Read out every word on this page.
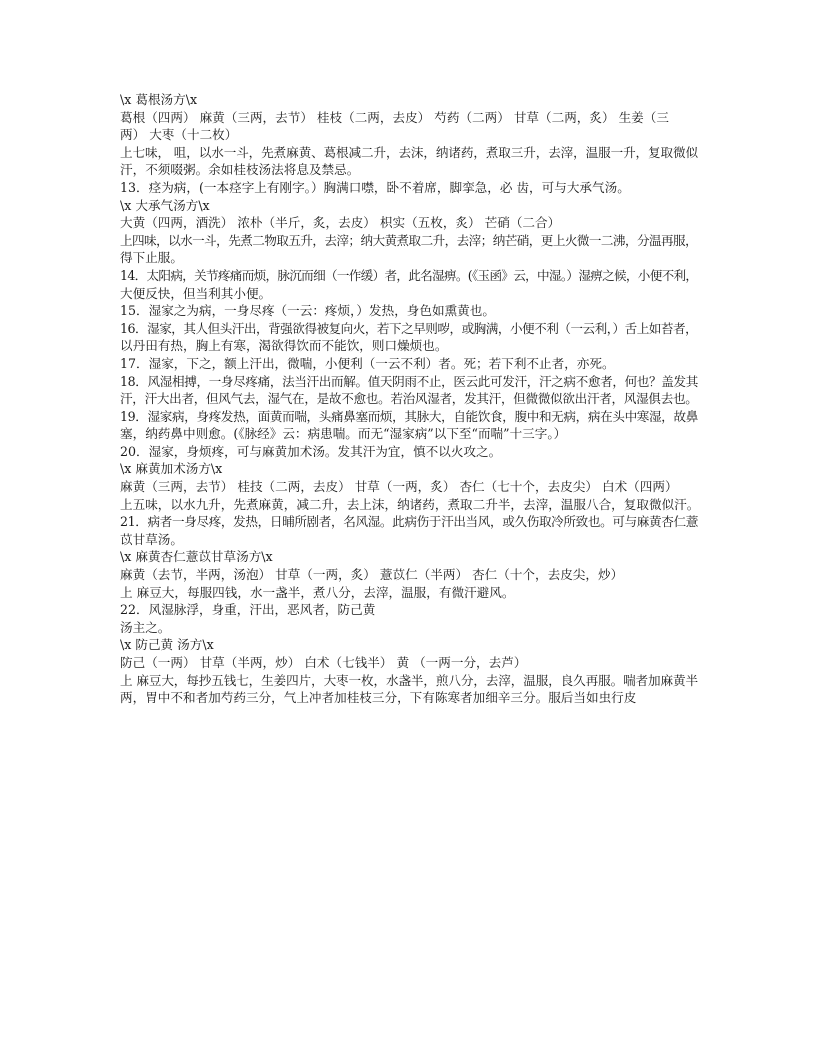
\x 葛根汤方\x
葛根（四两） 麻黄（三两，去节） 桂枝（二两，去皮） 芍药（二两） 甘草（二两，炙） 生姜（三
两） 大枣（十二枚）
上七味， 咀，以水一斗，先煮麻黄、葛根减二升，去沫，纳诸药，煮取三升，去滓，温服一升，复取微似
汗，不须啜粥。余如桂枝汤法将息及禁忌。
13．痉为病，(一本痉字上有刚字。）胸满口噤，卧不着席，脚挛急，必 齿，可与大承气汤。
\x 大承气汤方\x
大黄（四两，酒洗） 浓朴（半斤，炙，去皮） 枳实（五枚，炙） 芒硝（二合）
上四味，以水一斗，先煮二物取五升，去滓；纳大黄煮取二升，去滓；纳芒硝，更上火微一二沸，分温再服，
得下止服。
14．太阳病，关节疼痛而烦，脉沉而细（一作缓）者，此名湿痹。(《玉函》云，中湿。）湿痹之候，小便不利，
大便反快，但当利其小便。
15．湿家之为病，一身尽疼（一云：疼烦，）发热，身色如熏黄也。
16．湿家，其人但头汗出，背强欲得被复向火，若下之早则哕，或胸满，小便不利（一云利，）舌上如苔者，
以丹田有热，胸上有寒，渴欲得饮而不能饮，则口燥烦也。
17．湿家，下之，额上汗出，微喘，小便利（一云不利）者。死；若下利不止者，亦死。
18．风湿相搏，一身尽疼痛，法当汗出而解。值天阴雨不止，医云此可发汗，汗之病不愈者，何也？盖发其
汗，汗大出者，但风气去，湿气在，是故不愈也。若治风湿者，发其汗，但微微似欲出汗者，风湿俱去也。
19．湿家病，身疼发热，面黄而喘，头痛鼻塞而烦，其脉大，自能饮食，腹中和无病，病在头中寒湿，故鼻
塞，纳药鼻中则愈。(《脉经》云：病患喘。而无“湿家病”以下至“而喘”十三字。）
20．湿家，身烦疼，可与麻黄加术汤。发其汗为宜，慎不以火攻之。
\x 麻黄加术汤方\x
麻黄（三两，去节） 桂技（二两，去皮） 甘草（一两，炙） 杏仁（七十个，去皮尖） 白术（四两）
上五味，以水九升，先煮麻黄，减二升，去上沫，纳诸药，煮取二升半，去滓，温服八合，复取微似汗。
21．病者一身尽疼，发热，日晡所剧者，名风湿。此病伤于汗出当风，或久伤取冷所致也。可与麻黄杏仁薏
苡甘草汤。
\x 麻黄杏仁薏苡甘草汤方\x
麻黄（去节，半两，汤泡） 甘草（一两，炙） 薏苡仁（半两） 杏仁（十个，去皮尖，炒）
上 麻豆大，每服四钱，水一盏半，煮八分，去滓，温服，有微汗避风。
22．风湿脉浮，身重，汗出，恶风者，防己黄
汤主之。
\x 防己黄 汤方\x
防己（一两） 甘草（半两，炒） 白术（七钱半） 黄 （一两一分，去芦）
上 麻豆大，每抄五钱七，生姜四片，大枣一枚，水盏半，煎八分，去滓，温服，良久再服。喘者加麻黄半
两，胃中不和者加芍药三分，气上冲者加桂枝三分，下有陈寒者加细辛三分。服后当如虫行皮
